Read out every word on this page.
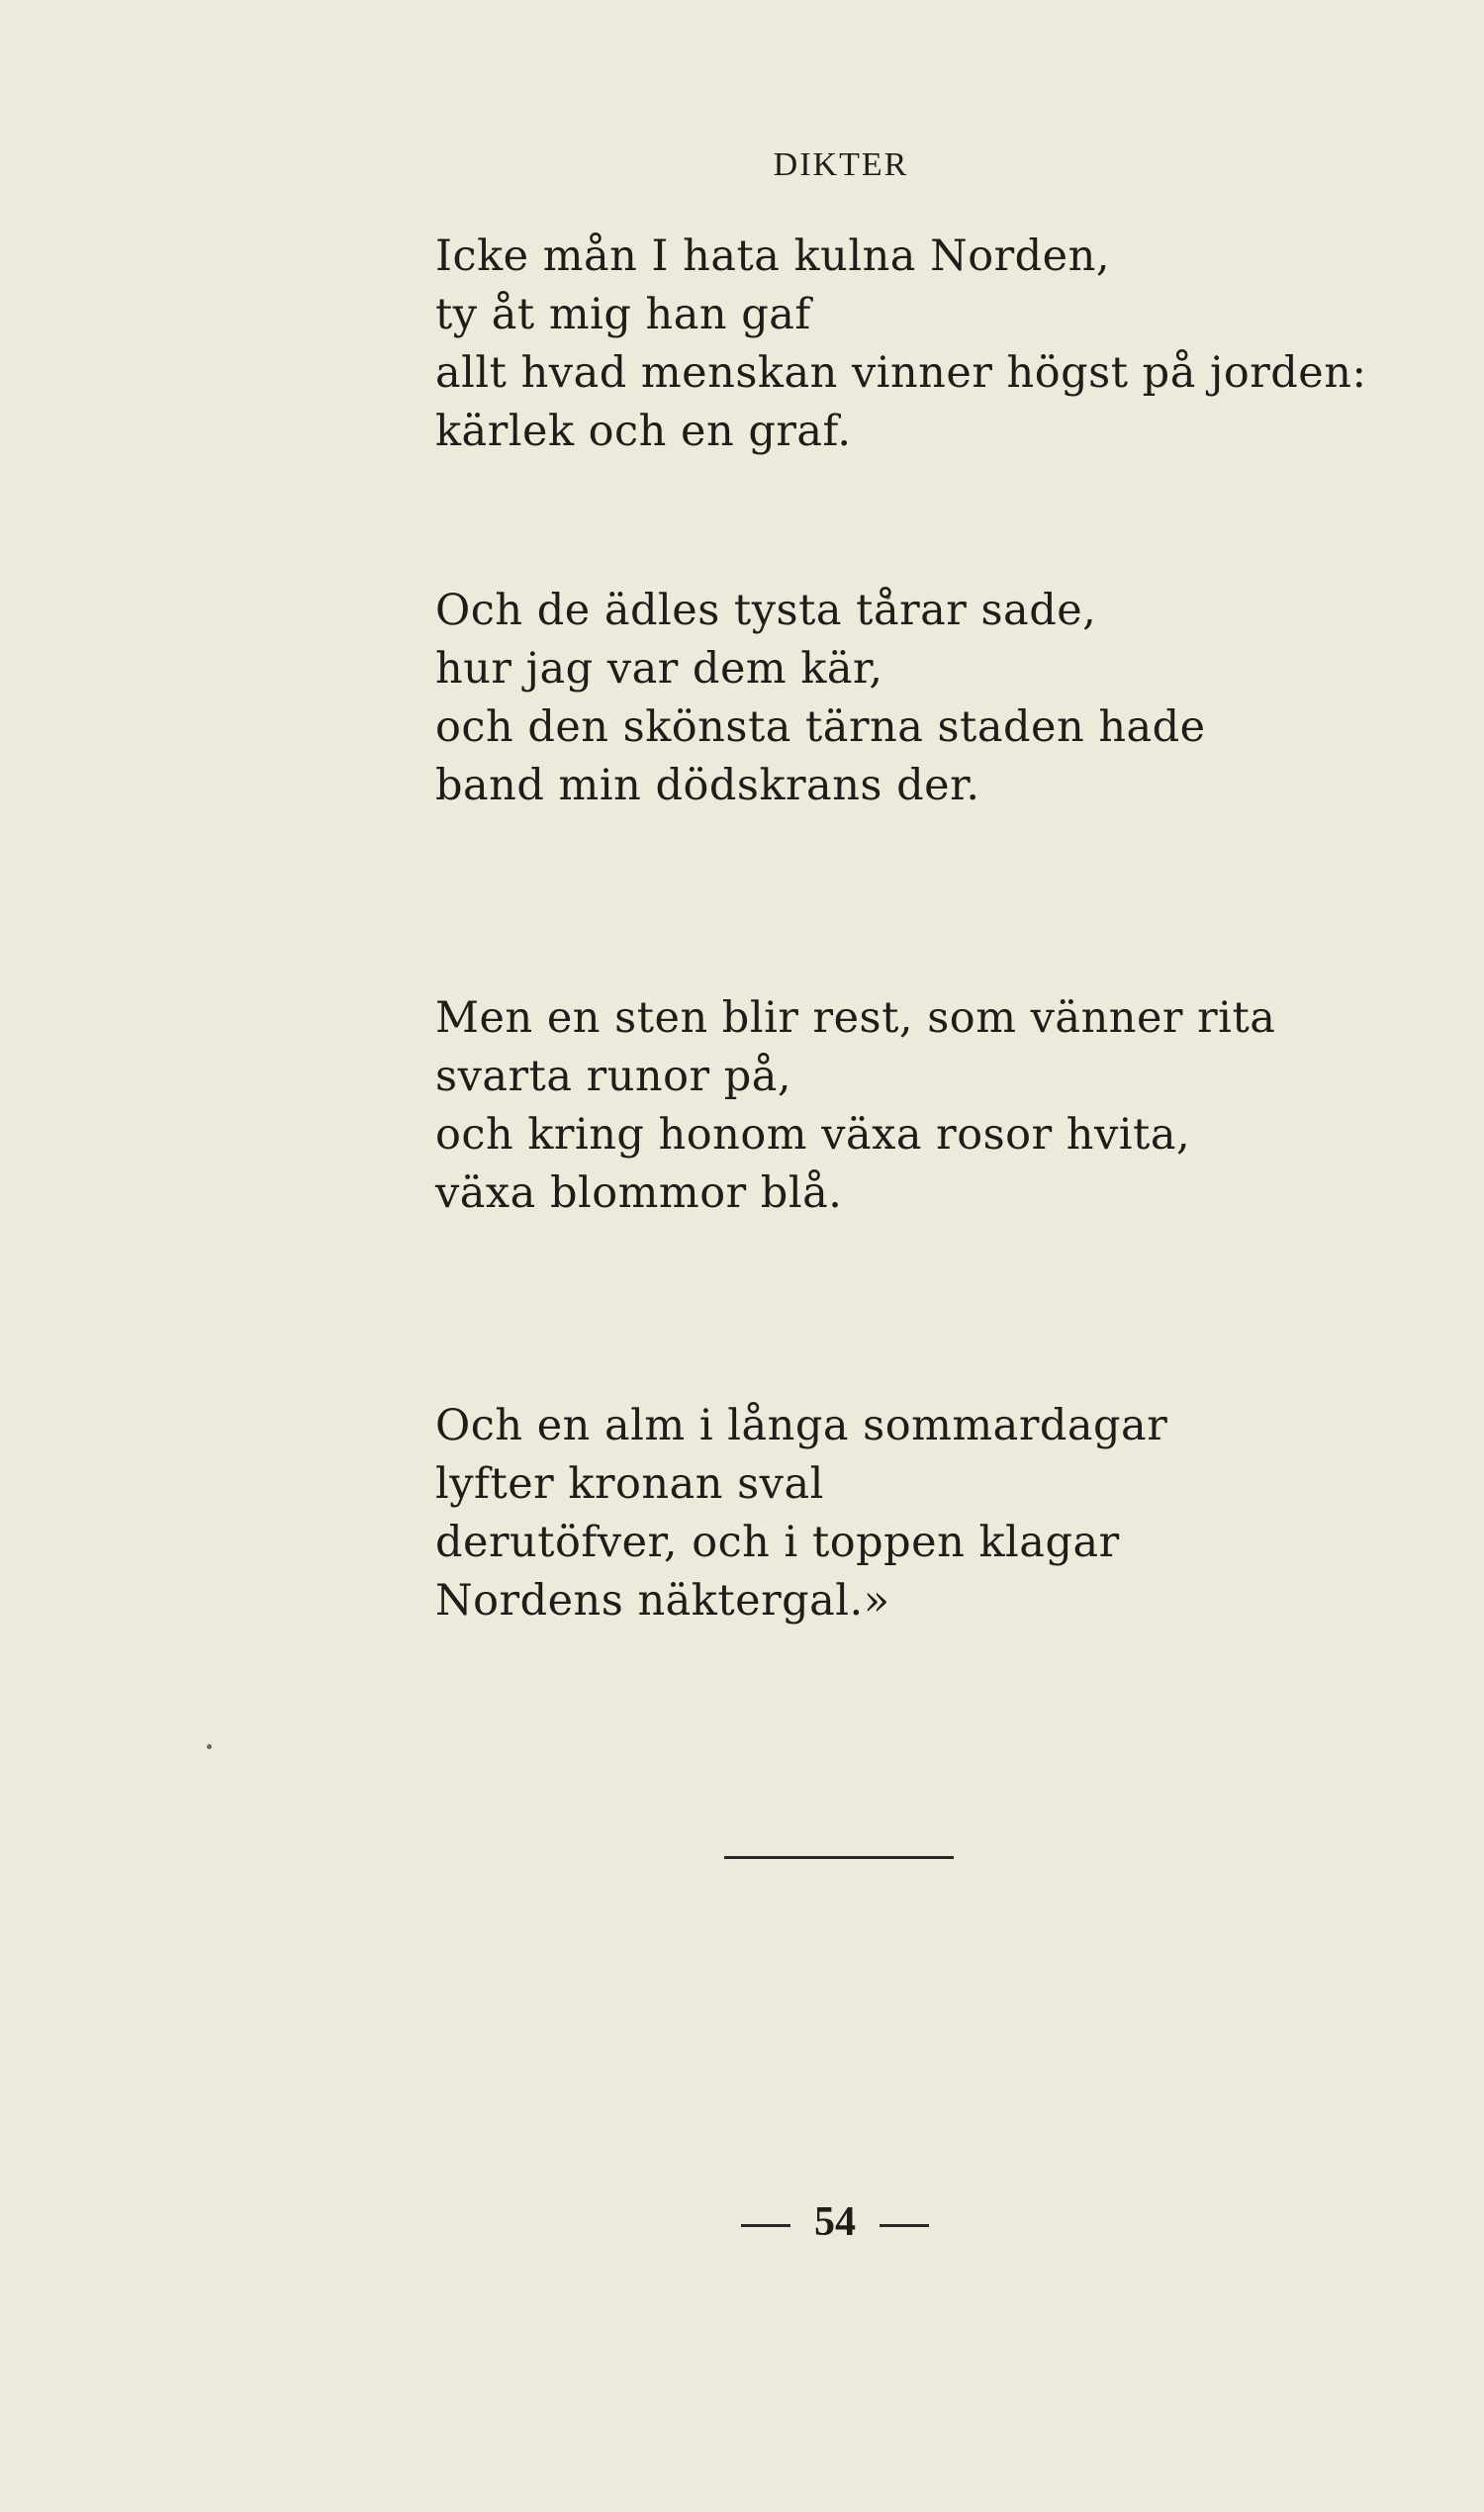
DIKTER

Icke mån I hata kulna Norden,
ty åt mig han gaf
allt hvad menskan vinner högst på jorden:
kärlek och en graf.

Och de ädles tysta tårar sade,
hur jag var dem kär,
och den skönsta tärna staden hade
band min dödskrans der.

Men en sten blir rest, som vänner rita
svarta runor på,
och kring honom växa rosor hvita,
växa blommor blå.

Och en alm i långa sommardagar
lyfter kronan sval
derutöfver, och i toppen klagar
Nordens näktergal.»

54
